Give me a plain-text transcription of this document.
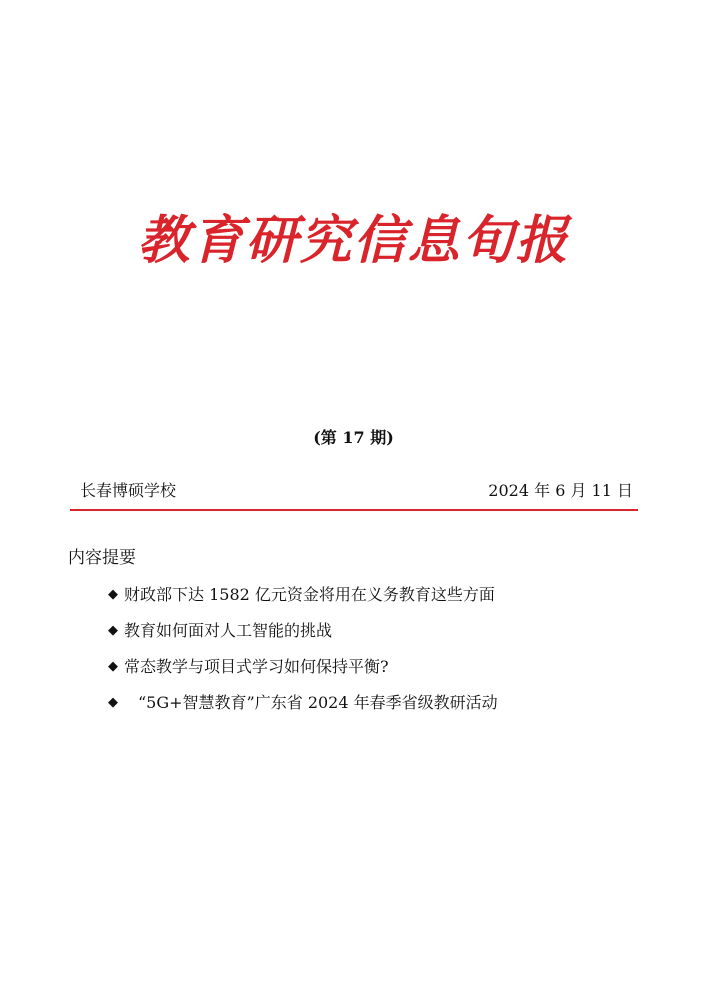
教育研究信息旬报
(第 17 期)
长春博硕学校	2024 年 6 月 11 日
内容提要
◆ 财政部下达 1582 亿元资金将用在义务教育这些方面
◆ 教育如何面对人工智能的挑战
◆ 常态教学与项目式学习如何保持平衡?
◆ “5G+智慧教育”广东省 2024 年春季省级教研活动
